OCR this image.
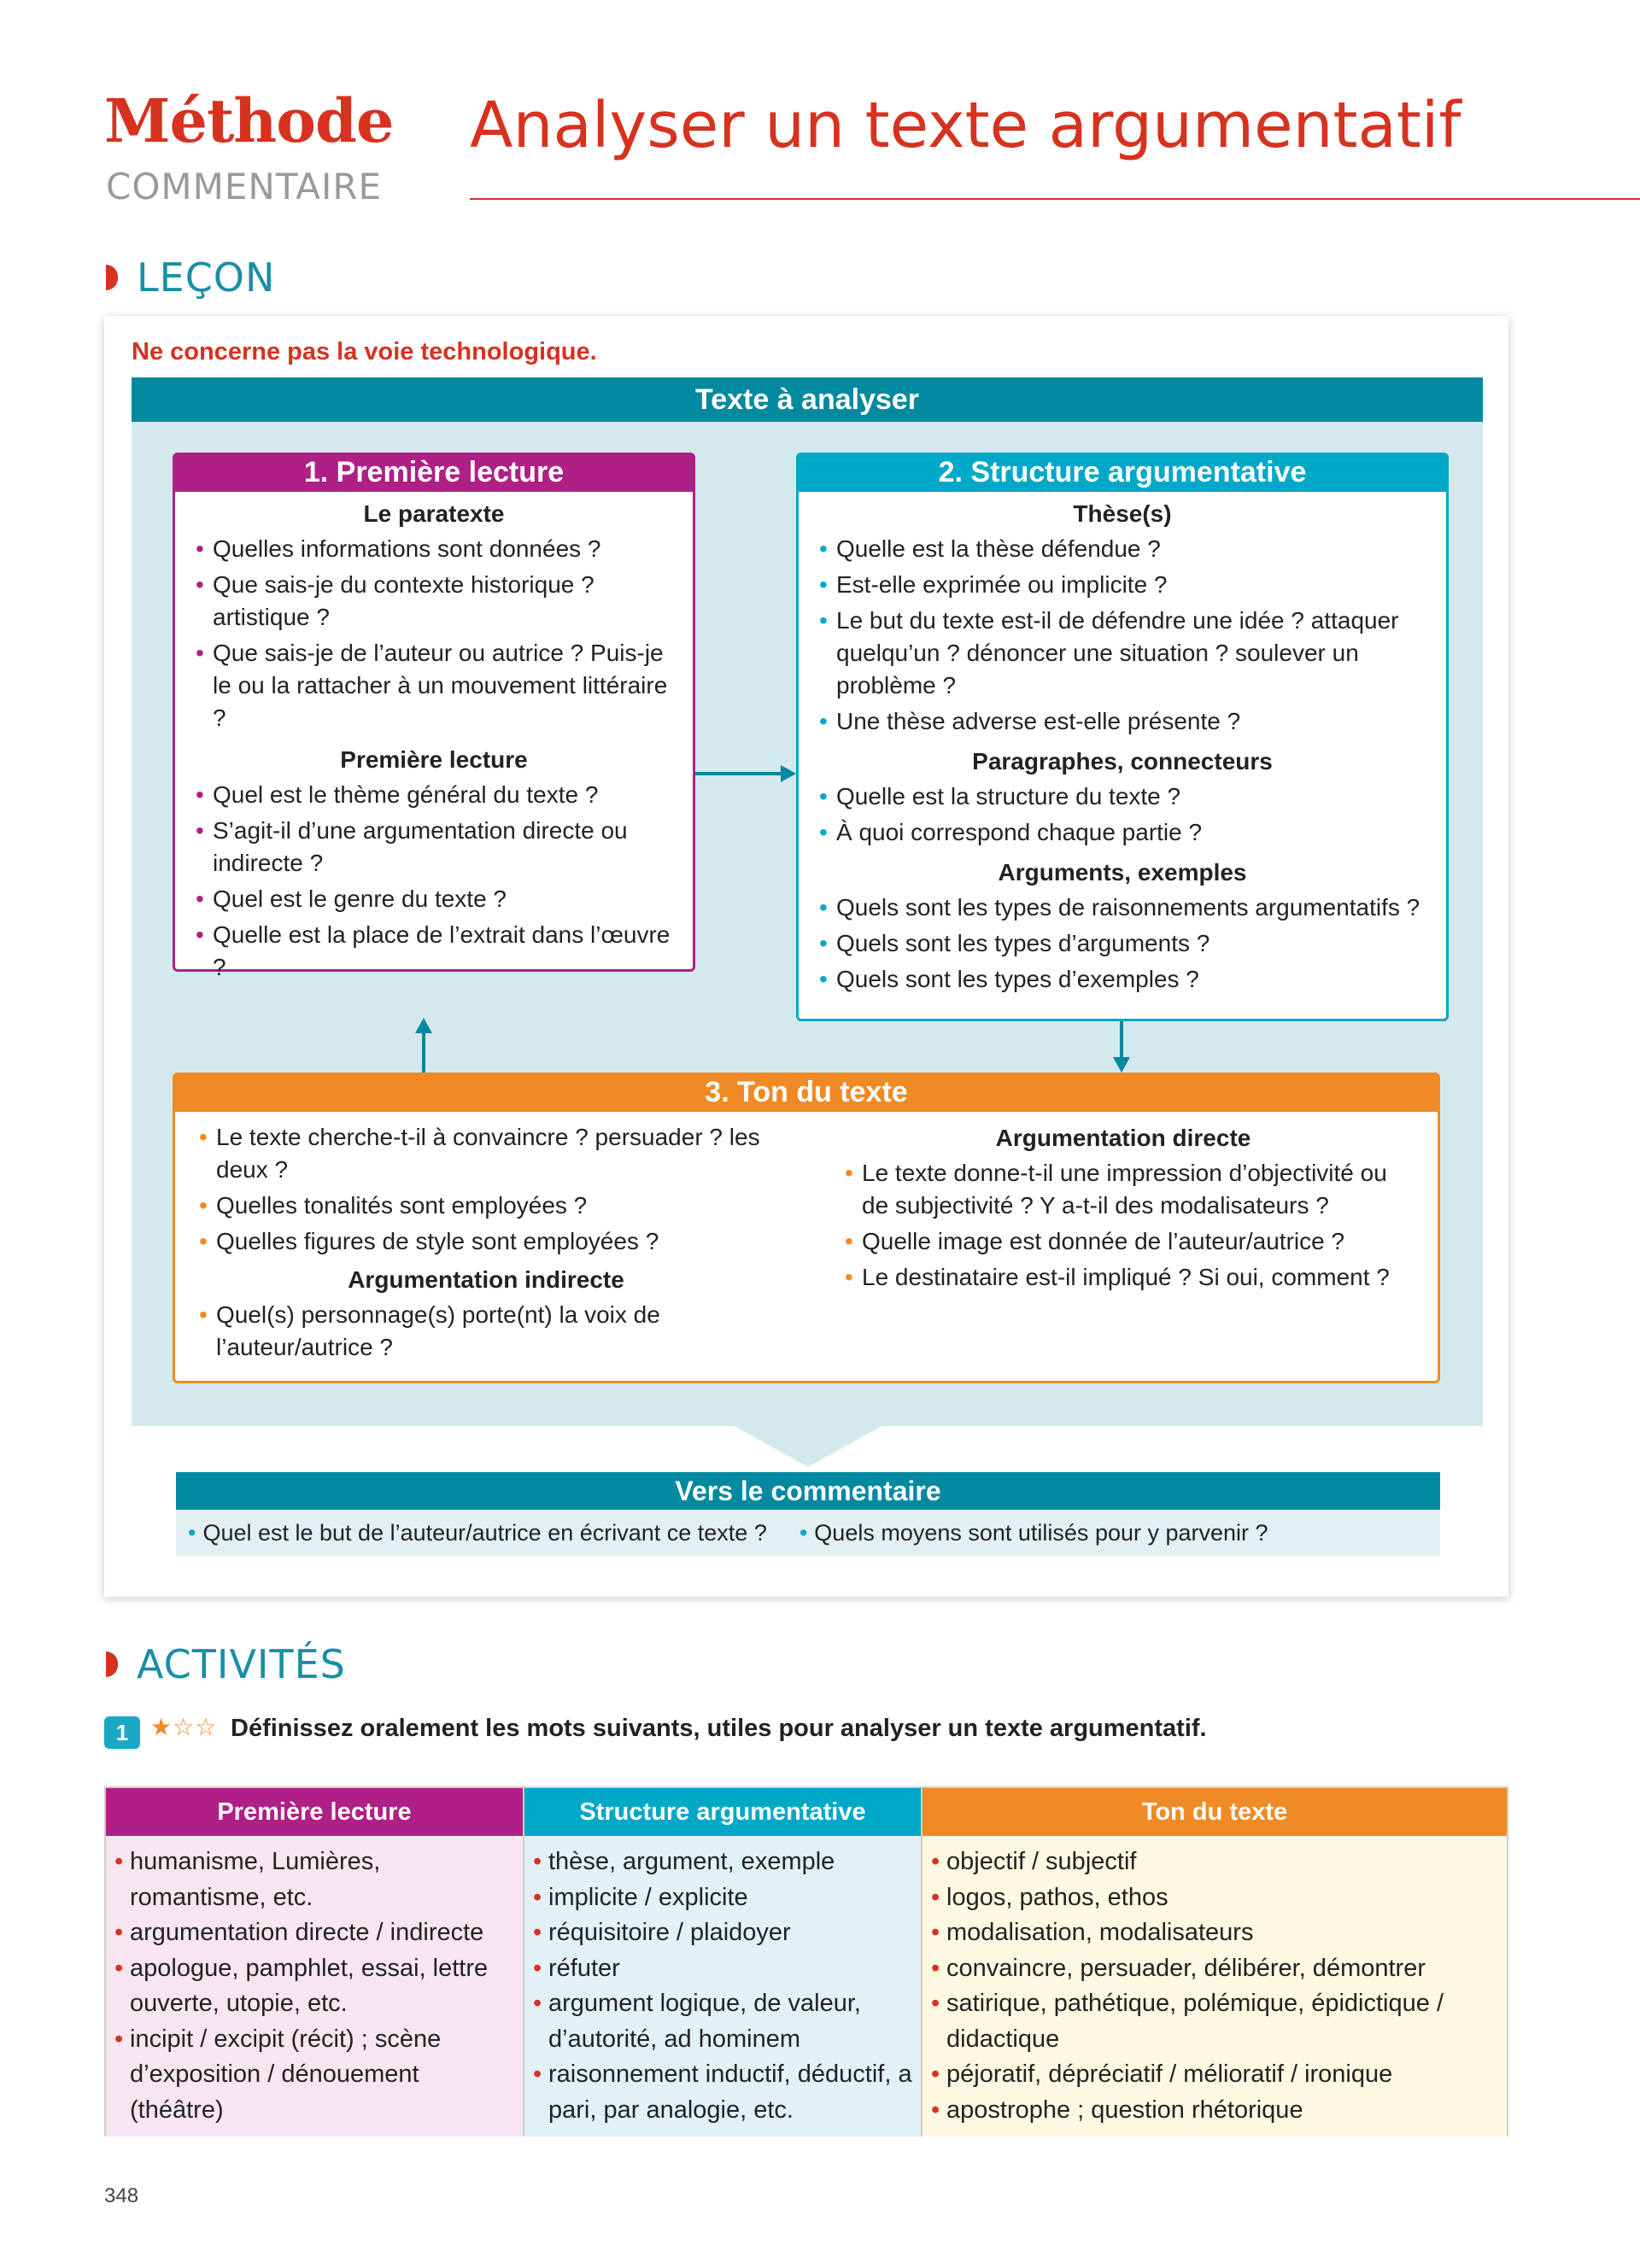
Méthode
COMMENTAIRE
Analyser un texte argumentatif
LEÇON
Ne concerne pas la voie technologique.
Texte à analyser
1. Première lecture
Le paratexte
• Quelles informations sont données ?
• Que sais-je du contexte historique ? artistique ?
• Que sais-je de l’auteur ou autrice ? Puis-je le ou la rattacher à un mouvement littéraire ?
Première lecture
• Quel est le thème général du texte ?
• S’agit-il d’une argumentation directe ou indirecte ?
• Quel est le genre du texte ?
• Quelle est la place de l’extrait dans l’œuvre ?
2. Structure argumentative
Thèse(s)
• Quelle est la thèse défendue ?
• Est-elle exprimée ou implicite ?
• Le but du texte est-il de défendre une idée ? attaquer quelqu’un ? dénoncer une situation ? soulever un problème ?
• Une thèse adverse est-elle présente ?
Paragraphes, connecteurs
• Quelle est la structure du texte ?
• À quoi correspond chaque partie ?
Arguments, exemples
• Quels sont les types de raisonnements argumentatifs ?
• Quels sont les types d’arguments ?
• Quels sont les types d’exemples ?
3. Ton du texte
• Le texte cherche-t-il à convaincre ? persuader ? les deux ?
• Quelles tonalités sont employées ?
• Quelles figures de style sont employées ?
Argumentation indirecte
• Quel(s) personnage(s) porte(nt) la voix de l’auteur/autrice ?
Argumentation directe
• Le texte donne-t-il une impression d’objectivité ou de subjectivité ? Y a-t-il des modalisateurs ?
• Quelle image est donnée de l’auteur/autrice ?
• Le destinataire est-il impliqué ? Si oui, comment ?
Vers le commentaire
• Quel est le but de l’auteur/autrice en écrivant ce texte ? • Quels moyens sont utilisés pour y parvenir ?
ACTIVITÉS
1 ★☆☆ Définissez oralement les mots suivants, utiles pour analyser un texte argumentatif.
Première lecture
• humanisme, Lumières, romantisme, etc.
• argumentation directe / indirecte
• apologue, pamphlet, essai, lettre ouverte, utopie, etc.
• incipit / excipit (récit) ; scène d’exposition / dénouement (théâtre)
Structure argumentative
• thèse, argument, exemple
• implicite / explicite
• réquisitoire / plaidoyer
• réfuter
• argument logique, de valeur, d’autorité, ad hominem
• raisonnement inductif, déductif, a pari, par analogie, etc.
Ton du texte
• objectif / subjectif
• logos, pathos, ethos
• modalisation, modalisateurs
• convaincre, persuader, délibérer, démontrer
• satirique, pathétique, polémique, épidictique / didactique
• péjoratif, dépréciatif / mélioratif / ironique
• apostrophe ; question rhétorique
348
